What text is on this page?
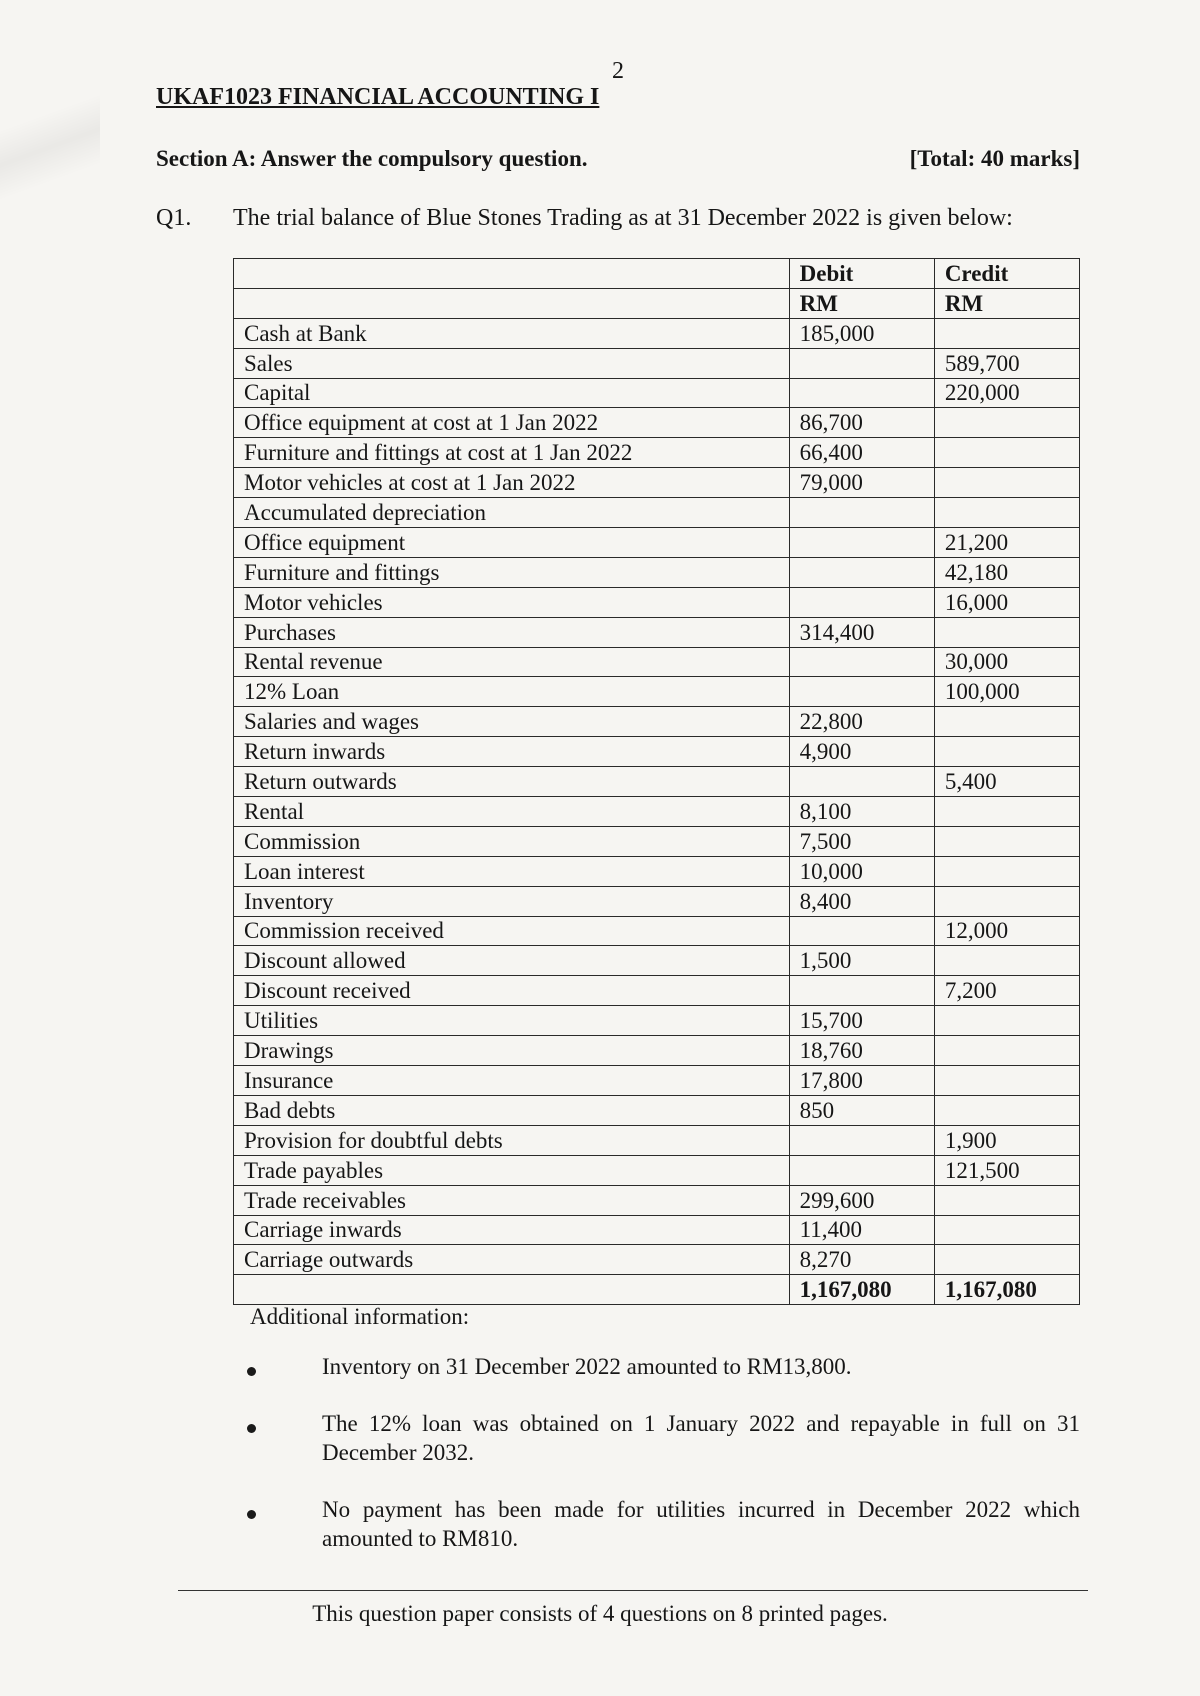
2
UKAF1023 FINANCIAL ACCOUNTING I
Section A: Answer the compulsory question.	[Total: 40 marks]
Q1. The trial balance of Blue Stones Trading as at 31 December 2022 is given below:
	Debit	Credit
	RM	RM
Cash at Bank	185,000	
Sales		589,700
Capital		220,000
Office equipment at cost at 1 Jan 2022	86,700	
Furniture and fittings at cost at 1 Jan 2022	66,400	
Motor vehicles at cost at 1 Jan 2022	79,000	
Accumulated depreciation		
Office equipment		21,200
Furniture and fittings		42,180
Motor vehicles		16,000
Purchases	314,400	
Rental revenue		30,000
12% Loan		100,000
Salaries and wages	22,800	
Return inwards	4,900	
Return outwards		5,400
Rental	8,100	
Commission	7,500	
Loan interest	10,000	
Inventory	8,400	
Commission received		12,000
Discount allowed	1,500	
Discount received		7,200
Utilities	15,700	
Drawings	18,760	
Insurance	17,800	
Bad debts	850	
Provision for doubtful debts		1,900
Trade payables		121,500
Trade receivables	299,600	
Carriage inwards	11,400	
Carriage outwards	8,270	
	1,167,080	1,167,080
Additional information:
Inventory on 31 December 2022 amounted to RM13,800.
The 12% loan was obtained on 1 January 2022 and repayable in full on 31 December 2032.
No payment has been made for utilities incurred in December 2022 which amounted to RM810.
This question paper consists of 4 questions on 8 printed pages.
